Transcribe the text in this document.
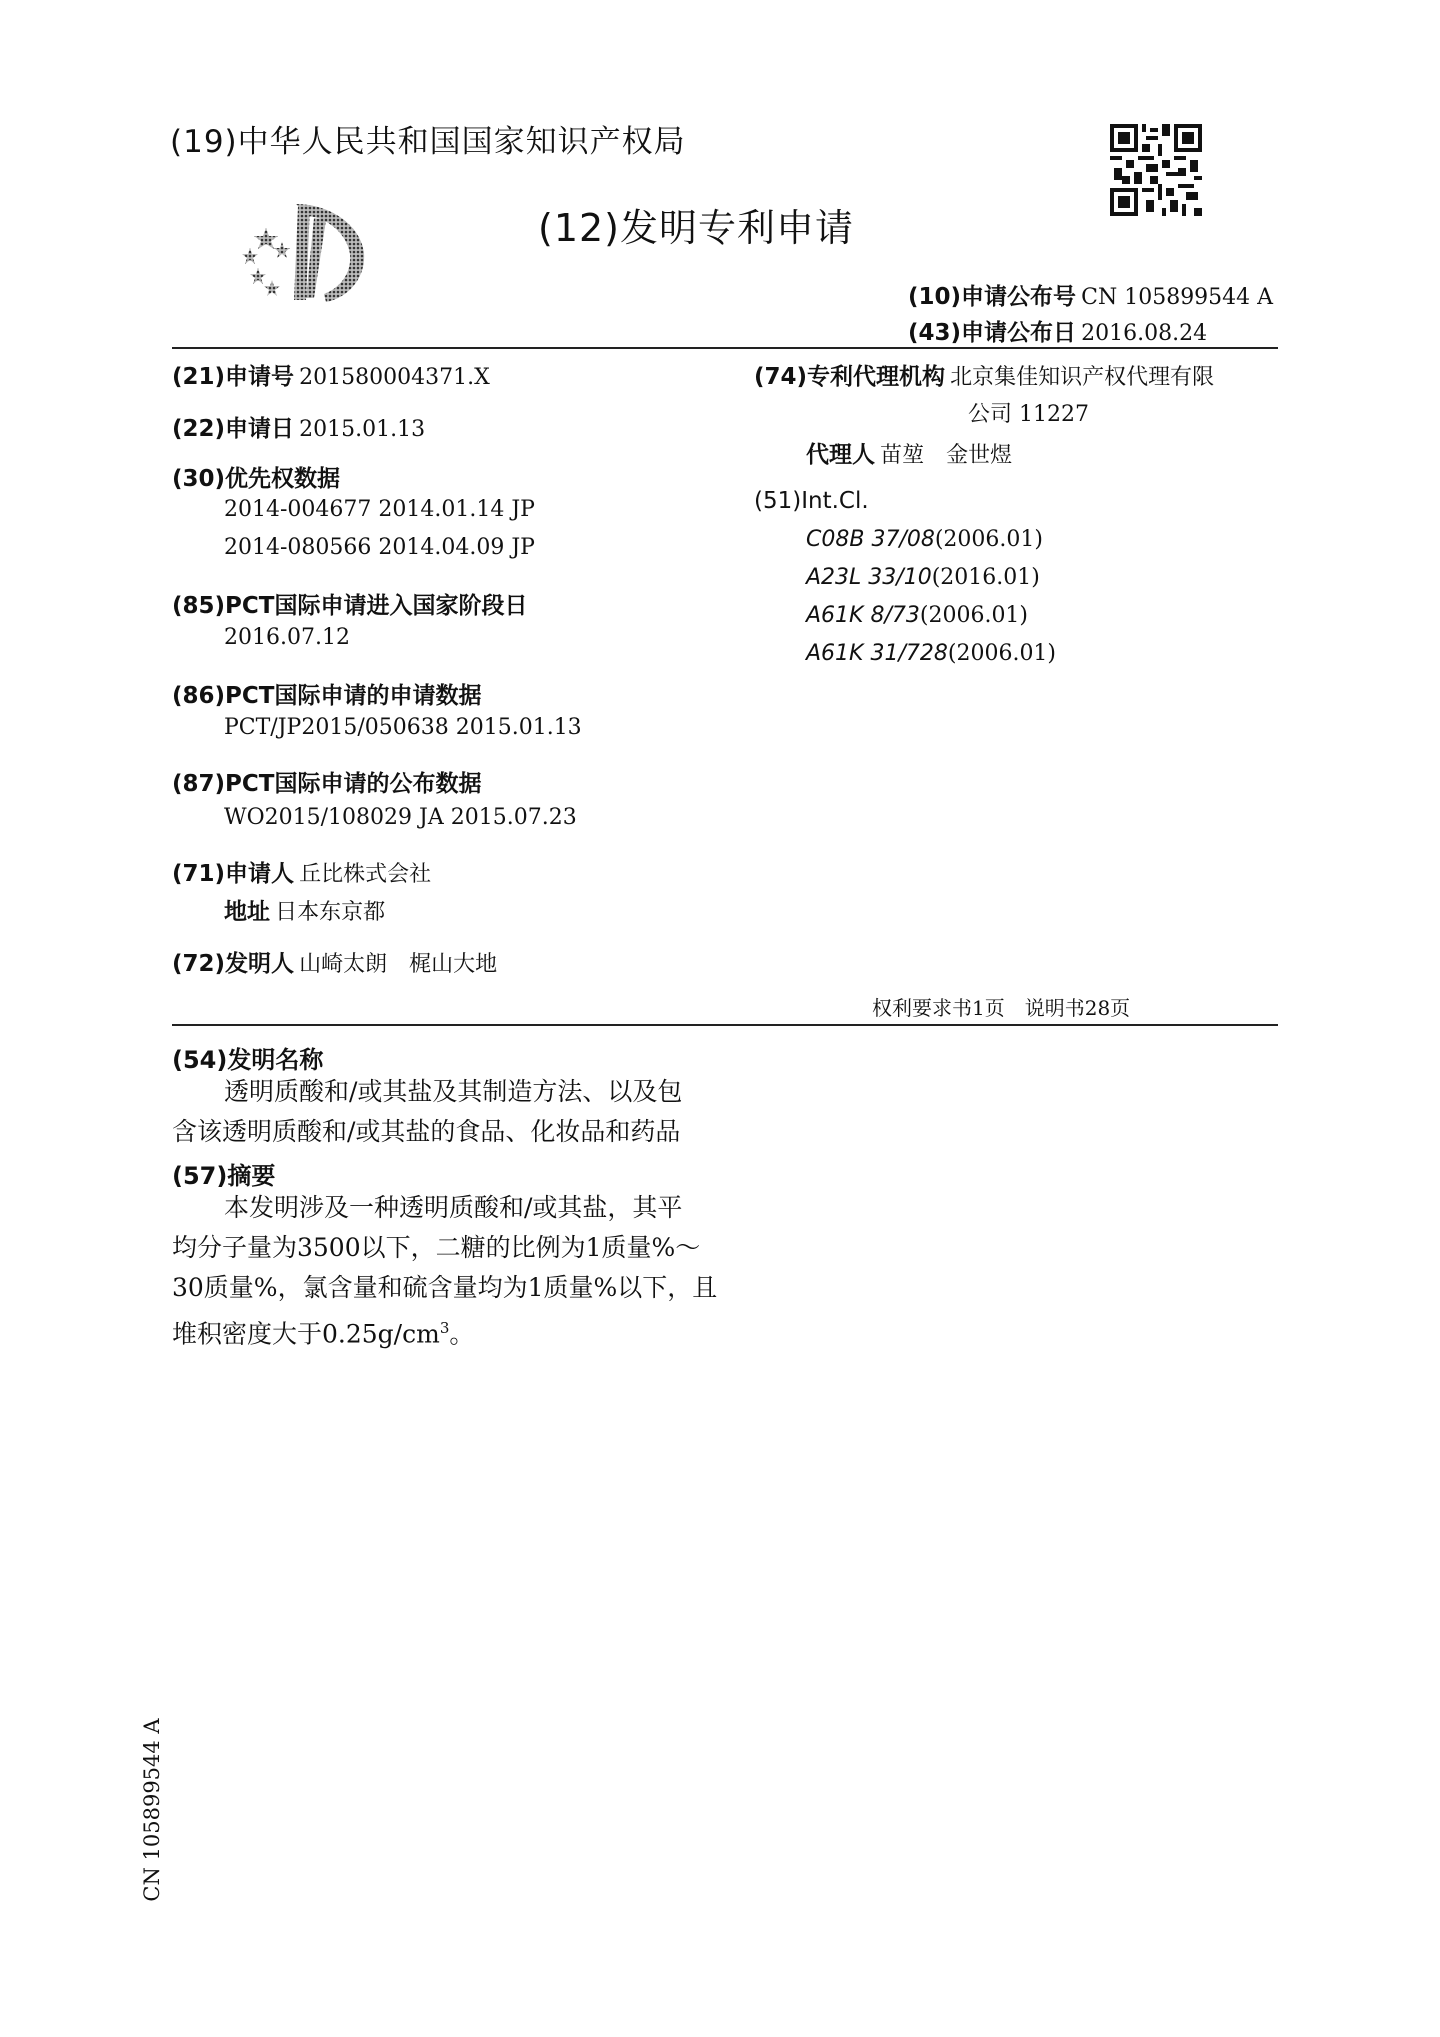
(19)中华人民共和国国家知识产权局
(12)发明专利申请
(10)申请公布号 CN 105899544 A
(43)申请公布日 2016.08.24
(21)申请号 201580004371.X
(22)申请日 2015.01.13
(30)优先权数据
2014-004677 2014.01.14 JP
2014-080566 2014.04.09 JP
(85)PCT国际申请进入国家阶段日
2016.07.12
(86)PCT国际申请的申请数据
PCT/JP2015/050638 2015.01.13
(87)PCT国际申请的公布数据
WO2015/108029 JA 2015.07.23
(71)申请人 丘比株式会社
地址 日本东京都
(72)发明人 山崎太朗　梶山大地
(74)专利代理机构 北京集佳知识产权代理有限
公司 11227
代理人 苗堃　金世煜
(51)Int.Cl.
C08B 37/08(2006.01)
A23L 33/10(2016.01)
A61K 8/73(2006.01)
A61K 31/728(2006.01)
权利要求书1页　说明书28页
(54)发明名称
透明质酸和/或其盐及其制造方法、以及包
含该透明质酸和/或其盐的食品、化妆品和药品
(57)摘要
本发明涉及一种透明质酸和/或其盐，其平
均分子量为3500以下，二糖的比例为1质量%～
30质量%，氯含量和硫含量均为1质量%以下，且
堆积密度大于$0.25g/cm^3$。
CN 105899544 A
